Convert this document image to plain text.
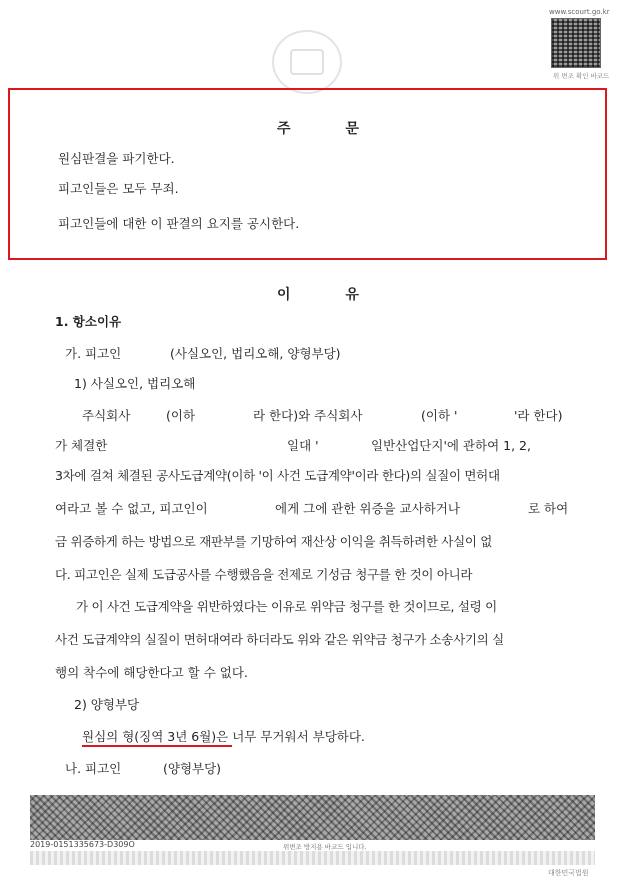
www.scourt.go.kr
위 변조 확인 바코드
주 문
원심판결을 파기한다.
피고인들은 모두 무죄.
피고인들에 대한 이 판결의 요지를 공시한다.
이 유
1. 항소이유
가. 피고인	(사실오인, 법리오해, 양형부당)
1) 사실오인, 법리오해
주식회사	(이하	라 한다)와 주식회사	(이하 '	'라 한다)
가 체결한	일대 '	일반산업단지'에 관하여 1, 2,
3차에 걸쳐 체결된 공사도급계약(이하 '이 사건 도급계약'이라 한다)의 실질이 면허대
여라고 볼 수 없고, 피고인이	에게 그에 관한 위증을 교사하거나	로 하여
금 위증하게 하는 방법으로 재판부를 기망하여 재산상 이익을 취득하려한 사실이 없
다. 피고인은 실제 도급공사를 수행했음을 전제로 기성금 청구를 한 것이 아니라
가 이 사건 도급계약을 위반하였다는 이유로 위약금 청구를 한 것이므로, 설령 이
사건 도급계약의 실질이 면허대여라 하더라도 위와 같은 위약금 청구가 소송사기의 실
행의 착수에 해당한다고 할 수 없다.
2) 양형부당
원심의 형(징역 3년 6월)은 너무 무거워서 부당하다.
나. 피고인	(양형부당)
2019-0151335673-D309O	위변조 방지용 바코드 입니다.
대한민국법원
